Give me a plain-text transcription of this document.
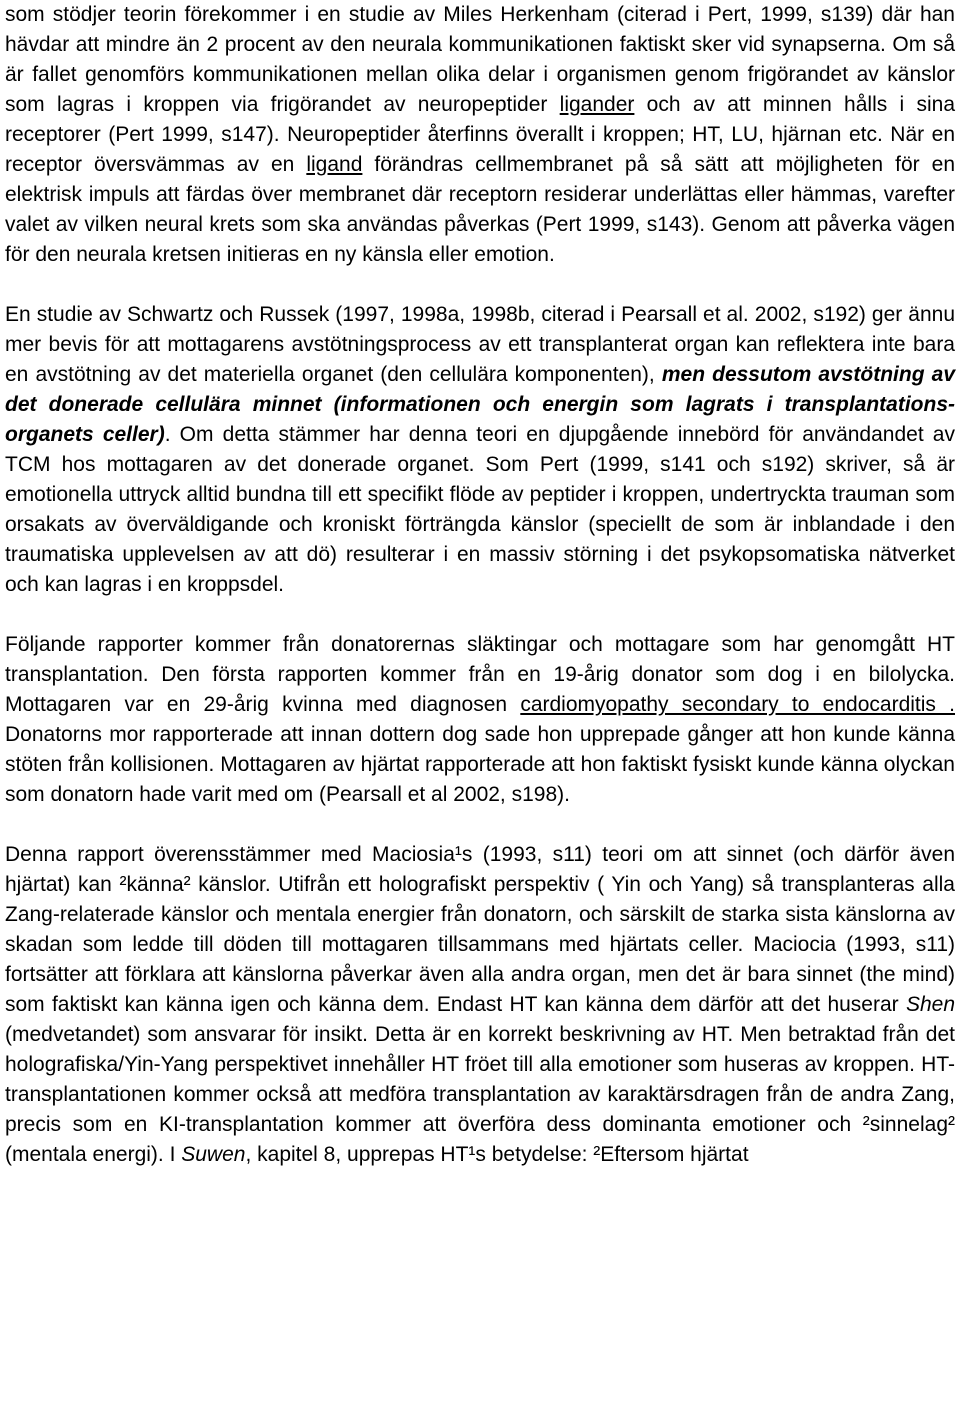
som stödjer teorin förekommer i en studie av Miles Herkenham (citerad i Pert, 1999, s139) där han hävdar att mindre än 2 procent av den neurala kommunikationen faktiskt sker vid synapserna. Om så är fallet genomförs kommunikationen mellan olika delar i organismen genom frigörandet av känslor som lagras i kroppen via frigörandet av neuropeptider ligander och av att minnen hålls i sina receptorer (Pert 1999, s147). Neuropeptider återfinns överallt i kroppen; HT, LU, hjärnan etc. När en receptor översvämmas av en ligand förändras cellmembranet på så sätt att möjligheten för en elektrisk impuls att färdas över membranet där receptorn residerar underlättas eller hämmas, varefter valet av vilken neural krets som ska användas påverkas (Pert 1999, s143). Genom att påverka vägen för den neurala kretsen initieras en ny känsla eller emotion.

En studie av Schwartz och Russek (1997, 1998a, 1998b, citerad i Pearsall et al. 2002, s192) ger ännu mer bevis för att mottagarens avstötningsprocess av ett transplanterat organ kan reflektera inte bara en avstötning av det materiella organet (den cellulära komponenten), men dessutom avstötning av det donerade cellulära minnet (informationen och energin som lagrats i transplantations-organets celler). Om detta stämmer har denna teori en djupgående innebörd för användandet av TCM hos mottagaren av det donerade organet. Som Pert (1999, s141 och s192) skriver, så är emotionella uttryck alltid bundna till ett specifikt flöde av peptider i kroppen, undertryckta trauman som orsakats av överväldigande och kroniskt förträngda känslor (speciellt de som är inblandade i den traumatiska upplevelsen av att dö) resulterar i en massiv störning i det psykopsomatiska nätverket och kan lagras i en kroppsdel.

Följande rapporter kommer från donatorernas släktingar och mottagare som har genomgått HT transplantation. Den första rapporten kommer från en 19-årig donator som dog i en bilolycka. Mottagaren var en 29-årig kvinna med diagnosen cardiomyopathy secondary to endocarditis . Donatorns mor rapporterade att innan dottern dog sade hon upprepade gånger att hon kunde känna stöten från kollisionen. Mottagaren av hjärtat rapporterade att hon faktiskt fysiskt kunde känna olyckan som donatorn hade varit med om (Pearsall et al 2002, s198).

Denna rapport överensstämmer med Maciosia¹s (1993, s11) teori om att sinnet (och därför även hjärtat) kan ²känna² känslor. Utifrån ett holografiskt perspektiv ( Yin och Yang) så transplanteras alla Zang-relaterade känslor och mentala energier från donatorn, och särskilt de starka sista känslorna av skadan som ledde till döden till mottagaren tillsammans med hjärtats celler. Maciocia (1993, s11) fortsätter att förklara att känslorna påverkar även alla andra organ, men det är bara sinnet (the mind) som faktiskt kan känna igen och känna dem. Endast HT kan känna dem därför att det huserar Shen (medvetandet) som ansvarar för insikt. Detta är en korrekt beskrivning av HT. Men betraktad från det holografiska/Yin-Yang perspektivet innehåller HT fröet till alla emotioner som huseras av kroppen. HT-transplantationen kommer också att medföra transplantation av karaktärsdragen från de andra Zang, precis som en KI-transplantation kommer att överföra dess dominanta emotioner och ²sinnelag² (mentala energi). I Suwen, kapitel 8, upprepas HT¹s betydelse: ²Eftersom hjärtat
